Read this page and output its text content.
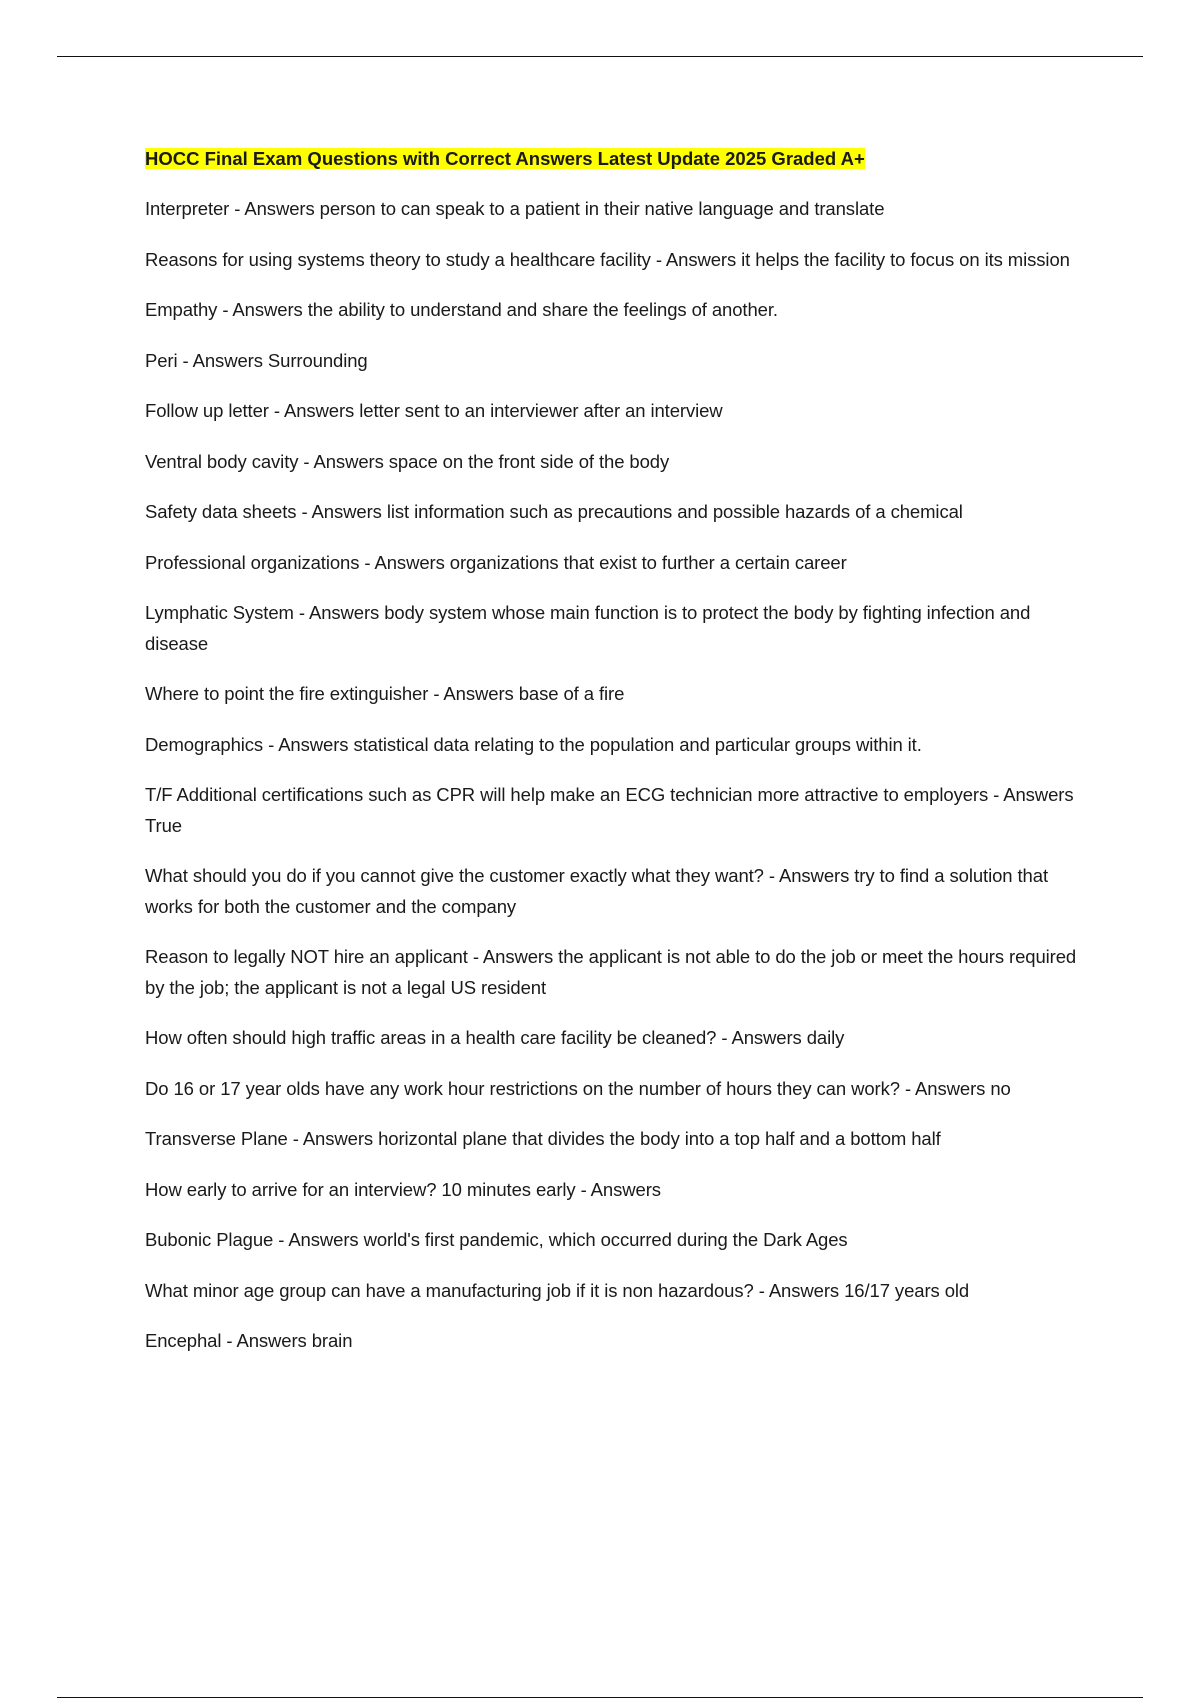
HOCC Final Exam Questions with Correct Answers Latest Update 2025 Graded A+

Interpreter - Answers person to can speak to a patient in their native language and translate
Reasons for using systems theory to study a healthcare facility - Answers it helps the facility to focus on its mission
Empathy - Answers the ability to understand and share the feelings of another.
Peri - Answers Surrounding
Follow up letter - Answers letter sent to an interviewer after an interview
Ventral body cavity - Answers space on the front side of the body
Safety data sheets - Answers list information such as precautions and possible hazards of a chemical
Professional organizations - Answers organizations that exist to further a certain career
Lymphatic System - Answers body system whose main function is to protect the body by fighting infection and disease
Where to point the fire extinguisher - Answers base of a fire
Demographics - Answers statistical data relating to the population and particular groups within it.
T/F Additional certifications such as CPR will help make an ECG technician more attractive to employers - Answers True
What should you do if you cannot give the customer exactly what they want? - Answers try to find a solution that works for both the customer and the company
Reason to legally NOT hire an applicant - Answers the applicant is not able to do the job or meet the hours required by the job; the applicant is not a legal US resident
How often should high traffic areas in a health care facility be cleaned? - Answers daily
Do 16 or 17 year olds have any work hour restrictions on the number of hours they can work? - Answers no
Transverse Plane - Answers horizontal plane that divides the body into a top half and a bottom half
How early to arrive for an interview? 10 minutes early - Answers
Bubonic Plague - Answers world's first pandemic, which occurred during the Dark Ages
What minor age group can have a manufacturing job if it is non hazardous? - Answers 16/17 years old
Encephal - Answers brain
